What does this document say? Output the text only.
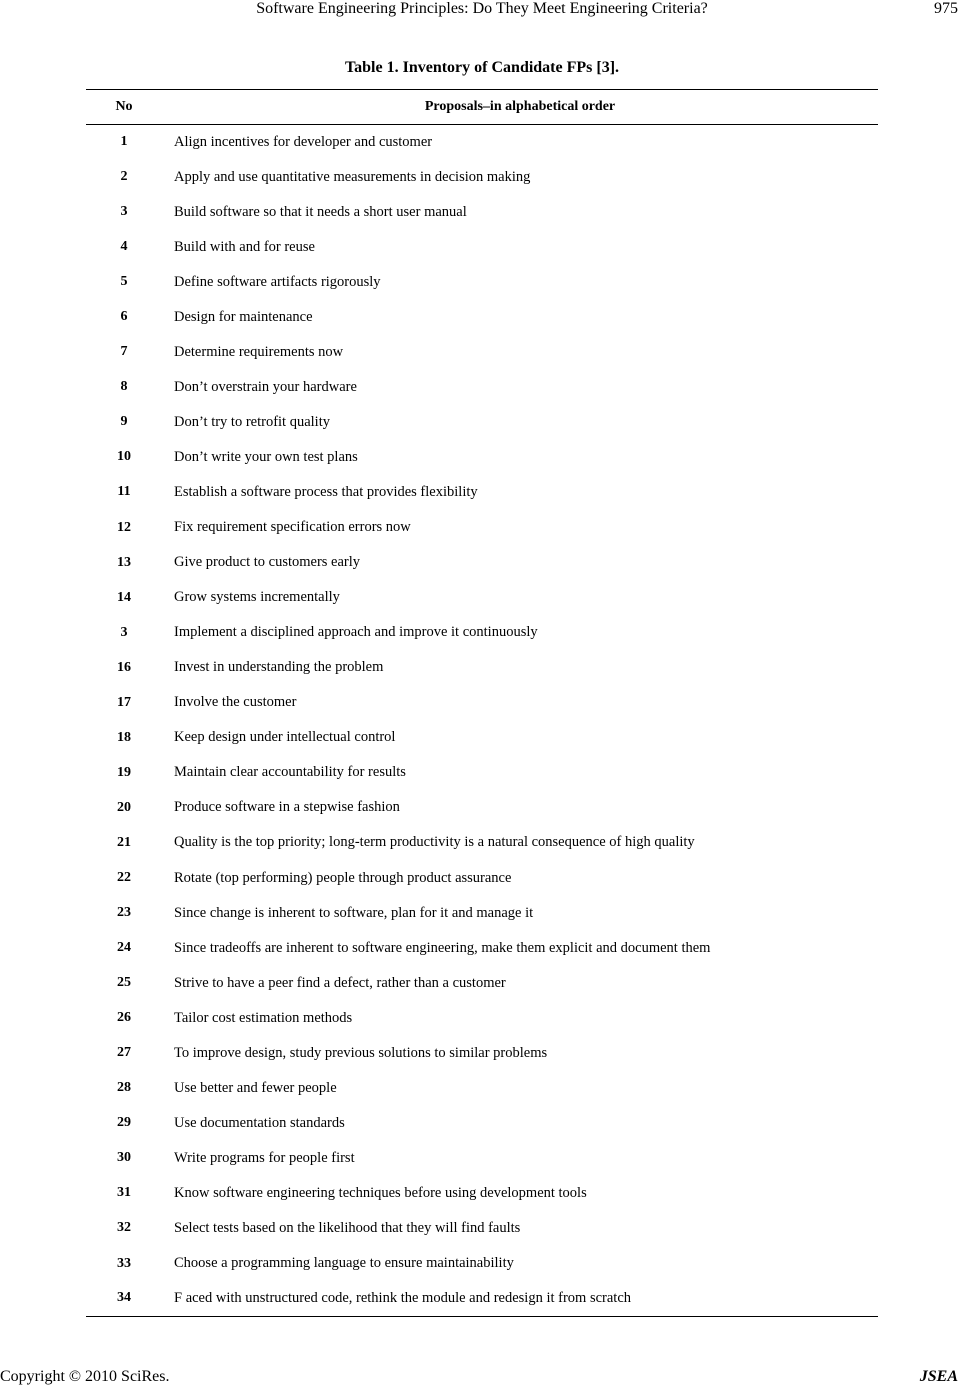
Software Engineering Principles: Do They Meet Engineering Criteria?	975
Table 1. Inventory of Candidate FPs [3].
No	Proposals–in alphabetical order
1	Align incentives for developer and customer
2	Apply and use quantitative measurements in decision making
3	Build software so that it needs a short user manual
4	Build with and for reuse
5	Define software artifacts rigorously
6	Design for maintenance
7	Determine requirements now
8	Don’t overstrain your hardware
9	Don’t try to retrofit quality
10	Don’t write your own test plans
11	Establish a software process that provides flexibility
12	Fix requirement specification errors now
13	Give product to customers early
14	Grow systems incrementally
3	Implement a disciplined approach and improve it continuously
16	Invest in understanding the problem
17	Involve the customer
18	Keep design under intellectual control
19	Maintain clear accountability for results
20	Produce software in a stepwise fashion
21	Quality is the top priority; long-term productivity is a natural consequence of high quality
22	Rotate (top performing) people through product assurance
23	Since change is inherent to software, plan for it and manage it
24	Since tradeoffs are inherent to software engineering, make them explicit and document them
25	Strive to have a peer find a defect, rather than a customer
26	Tailor cost estimation methods
27	To improve design, study previous solutions to similar problems
28	Use better and fewer people
29	Use documentation standards
30	Write programs for people first
31	Know software engineering techniques before using development tools
32	Select tests based on the likelihood that they will find faults
33	Choose a programming language to ensure maintainability
34	F aced with unstructured code, rethink the module and redesign it from scratch
Copyright © 2010 SciRes.	JSEA
